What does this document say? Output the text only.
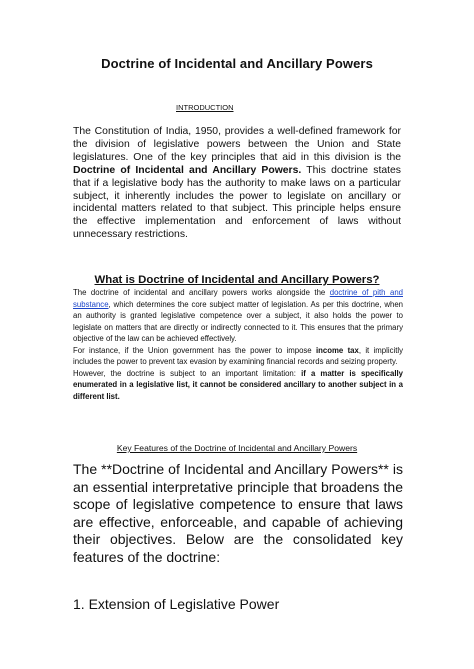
Doctrine of Incidental and Ancillary Powers
INTRODUCTION
The Constitution of India, 1950, provides a well-defined framework for the division of legislative powers between the Union and State legislatures. One of the key principles that aid in this division is the Doctrine of Incidental and Ancillary Powers. This doctrine states that if a legislative body has the authority to make laws on a particular subject, it inherently includes the power to legislate on ancillary or incidental matters related to that subject. This principle helps ensure the effective implementation and enforcement of laws without unnecessary restrictions.
What is Doctrine of Incidental and Ancillary Powers?

The doctrine of incidental and ancillary powers works alongside the doctrine of pith and substance, which determines the core subject matter of legislation. As per this doctrine, when an authority is granted legislative competence over a subject, it also holds the power to legislate on matters that are directly or indirectly connected to it. This ensures that the primary objective of the law can be achieved effectively.

For instance, if the Union government has the power to impose income tax, it implicitly includes the power to prevent tax evasion by examining financial records and seizing property.

However, the doctrine is subject to an important limitation: if a matter is specifically enumerated in a legislative list, it cannot be considered ancillary to another subject in a different list.

Key Features of the Doctrine of Incidental and Ancillary Powers
The **Doctrine of Incidental and Ancillary Powers** is an essential interpretative principle that broadens the scope of legislative competence to ensure that laws are effective, enforceable, and capable of achieving their objectives. Below are the consolidated key features of the doctrine:
1. Extension of Legislative Power
